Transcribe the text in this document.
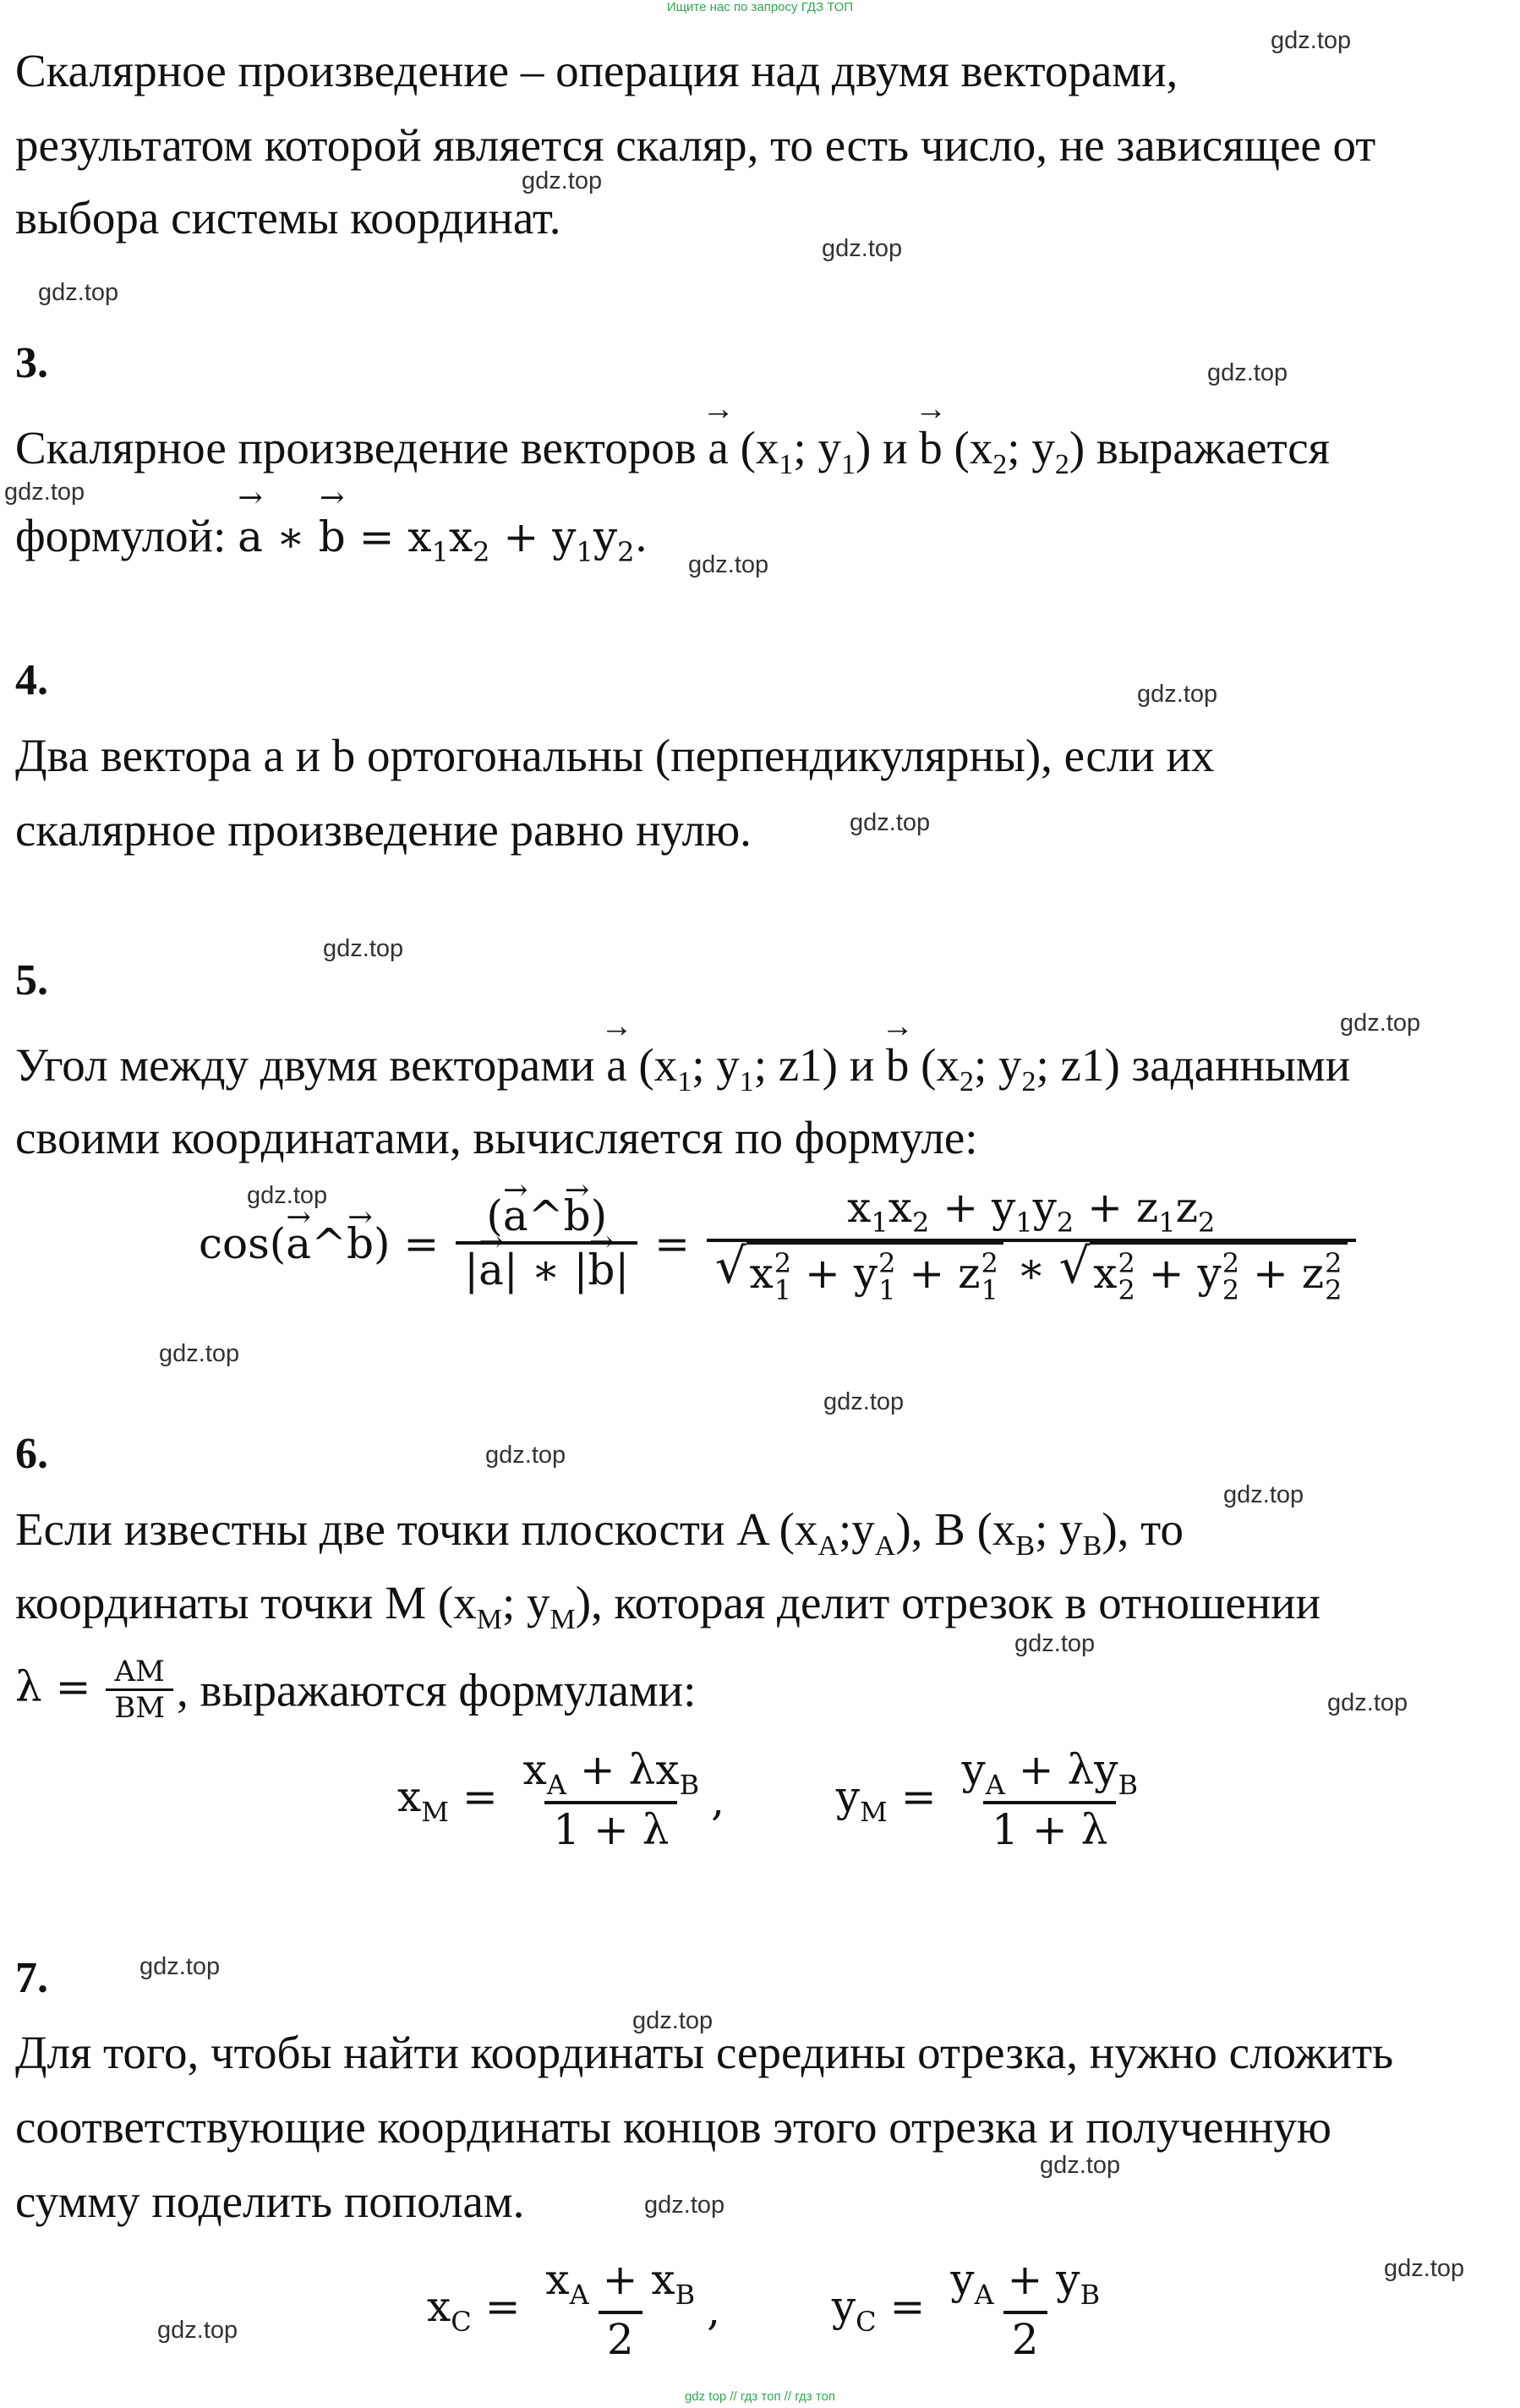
Ищите нас по запросу ГДЗ ТОП
Скалярное произведение – операция над двумя векторами,
результатом которой является скаляр, то есть число, не зависящее от
выбора системы координат.
3.
Скалярное произведение векторов → a ($x_1$; $y_1$) и → b ($x_2$; $y_2$) выражается
формулой: → a ∗ → $b = x_1x_2 + y_1y_2$.
4.
Два вектора a и b ортогональны (перпендикулярны), если их
скалярное произведение равно нулю.
5.
Угол между двумя векторами → a ($x_1$; $y_1$; z1) и → b ($x_2$; $y_2$; z1) заданными
своими координатами, вычисляется по формуле:
cos(→ a^→ $b) = \frac{(\to a\^{}\to b)}{|\to a| ∗ |\to b|} = x_1x_2 + y_1y_2 + z_1z_2$
√ x 2
1 + y 2
1 + z 2
1 ∗ √ x 2
2 + y 2
2 + z 2
2
6.
Если известны две точки плоскости A $(x_A;y_A)$, B ($x_B$; $y_B$), то
координаты точки M ($x_M$; $y_M$), которая делит отрезок в отношении
$\lambda = \frac{AM}{BM}$ , выражаются формулами:
$x_M = \frac{x_A + \lambda x_B}{1 + \lambda}$ ,	$y_M = \frac{y_A + \lambda y_B}{1 + \lambda}$
7.
Для того, чтобы найти координаты середины отрезка, нужно сложить
соответствующие координаты концов этого отрезка и полученную
сумму поделить пополам.
$x_C = \frac{x_A + x_B}{2}$ ,	$y_C = \frac{y_A + y_B}{2}$
gdz.top
gdz.top
gdz.top
gdz.top
gdz.top
gdz.top
gdz.top
gdz.top
gdz.top
gdz.top
gdz.top
gdz.top
gdz.top
gdz.top
gdz.top
gdz.top
gdz.top
gdz.top
gdz.top
gdz.top
gdz.top
gdz.top
gdz.top
gdz.top
gdz top // гдз топ // гдз топ
